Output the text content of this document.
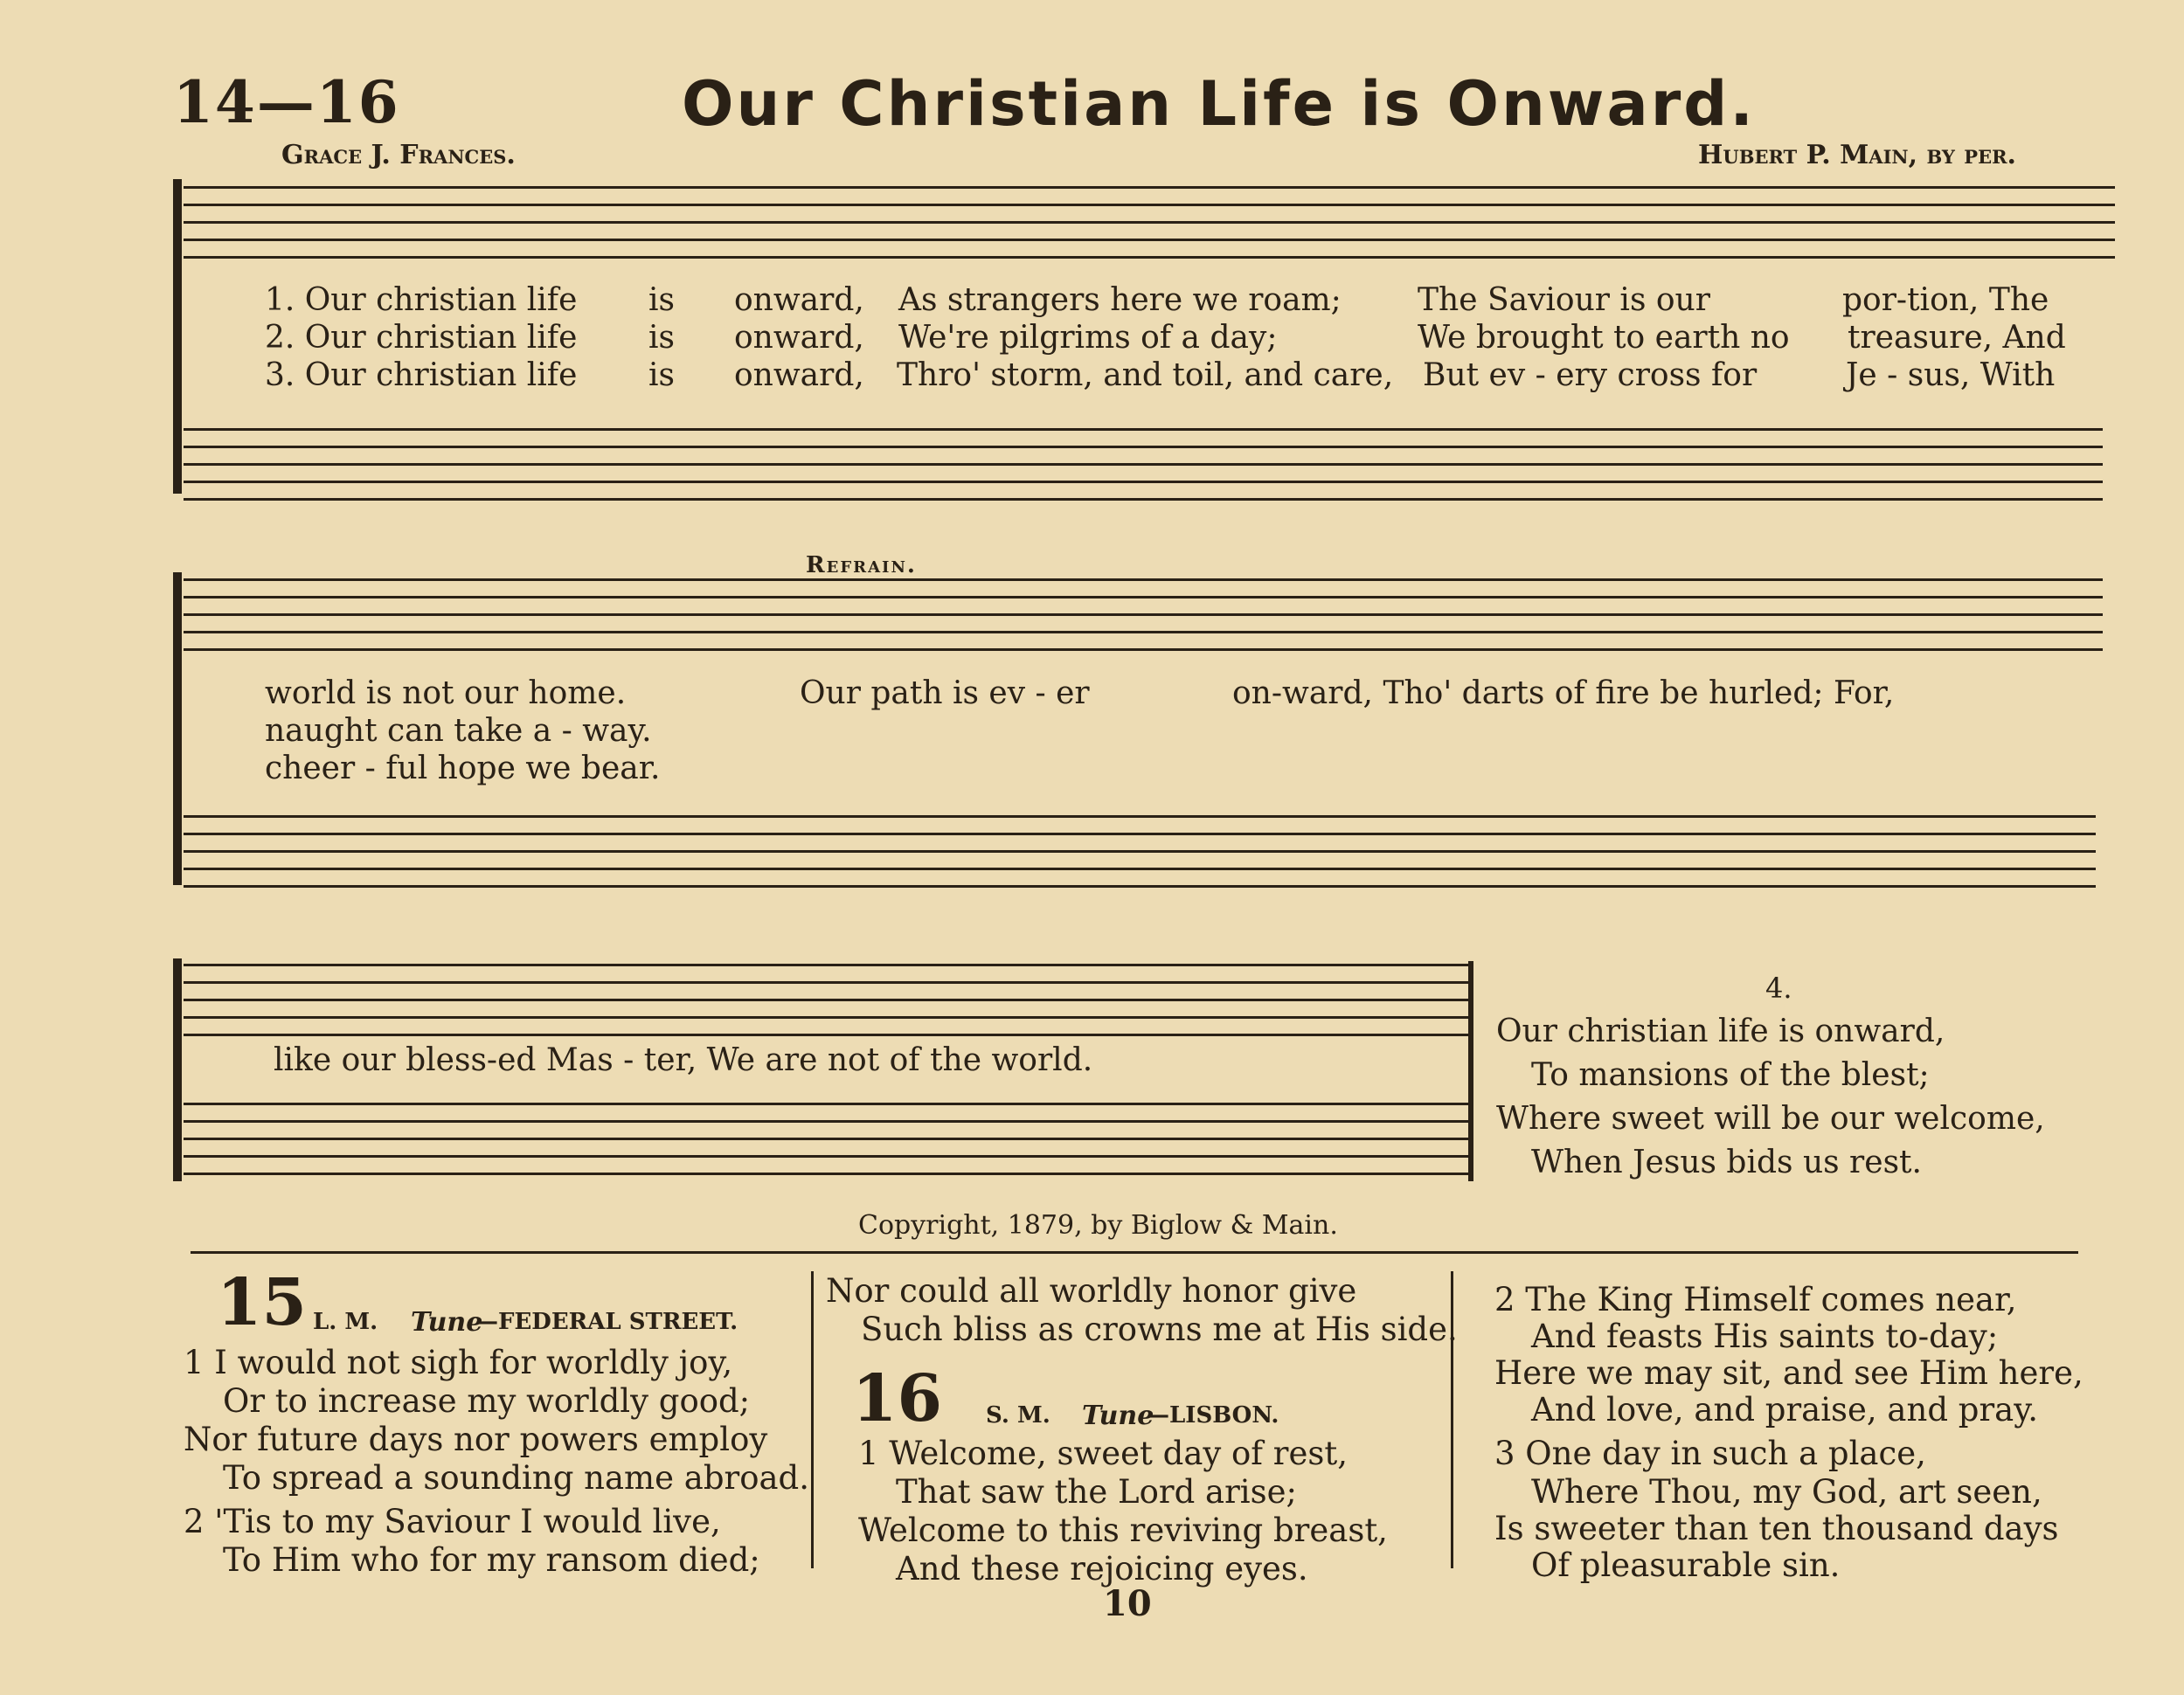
14—16	Our Christian Life is Onward.
Grace J. Frances.	Hubert P. Main, by per.
1. Our christian life is onward, As strangers here we roam; The Saviour is our	por-tion, The
2. Our christian life is onward, We're pilgrims of a day;	We brought to earth no treasure, And
3. Our christian life is onward, Thro' storm, and toil, and care, But ev - ery cross for	Je - sus, With
Refrain.
world is not our home.	Our path is ev - er	on-ward, Tho' darts of fire be hurled; For,
naught can take a - way.
cheer - ful hope we bear.
like our bless-ed Mas - ter, We are not of the world.
4.
Our christian life is onward,
To mansions of the blest;
Where sweet will be our welcome,
When Jesus bids us rest.
Copyright, 1879, by Biglow & Main.
15 L. M. Tune
—FEDERAL STREET.
1 I would not sigh for worldly joy,
Or to increase my worldly good;
Nor future days nor powers employ
To spread a sounding name abroad.
2 'Tis to my Saviour I would live,
To Him who for my ransom died;
Nor could all worldly honor give
Such bliss as crowns me at His side.
16 S. M. Tune
—LISBON.
1 Welcome, sweet day of rest,
That saw the Lord arise;
Welcome to this reviving breast,
And these rejoicing eyes.
2 The King Himself comes near,
And feasts His saints to-day;
Here we may sit, and see Him here,
And love, and praise, and pray.
3 One day in such a place,
Where Thou, my God, art seen,
Is sweeter than ten thousand days
Of pleasurable sin.
10
